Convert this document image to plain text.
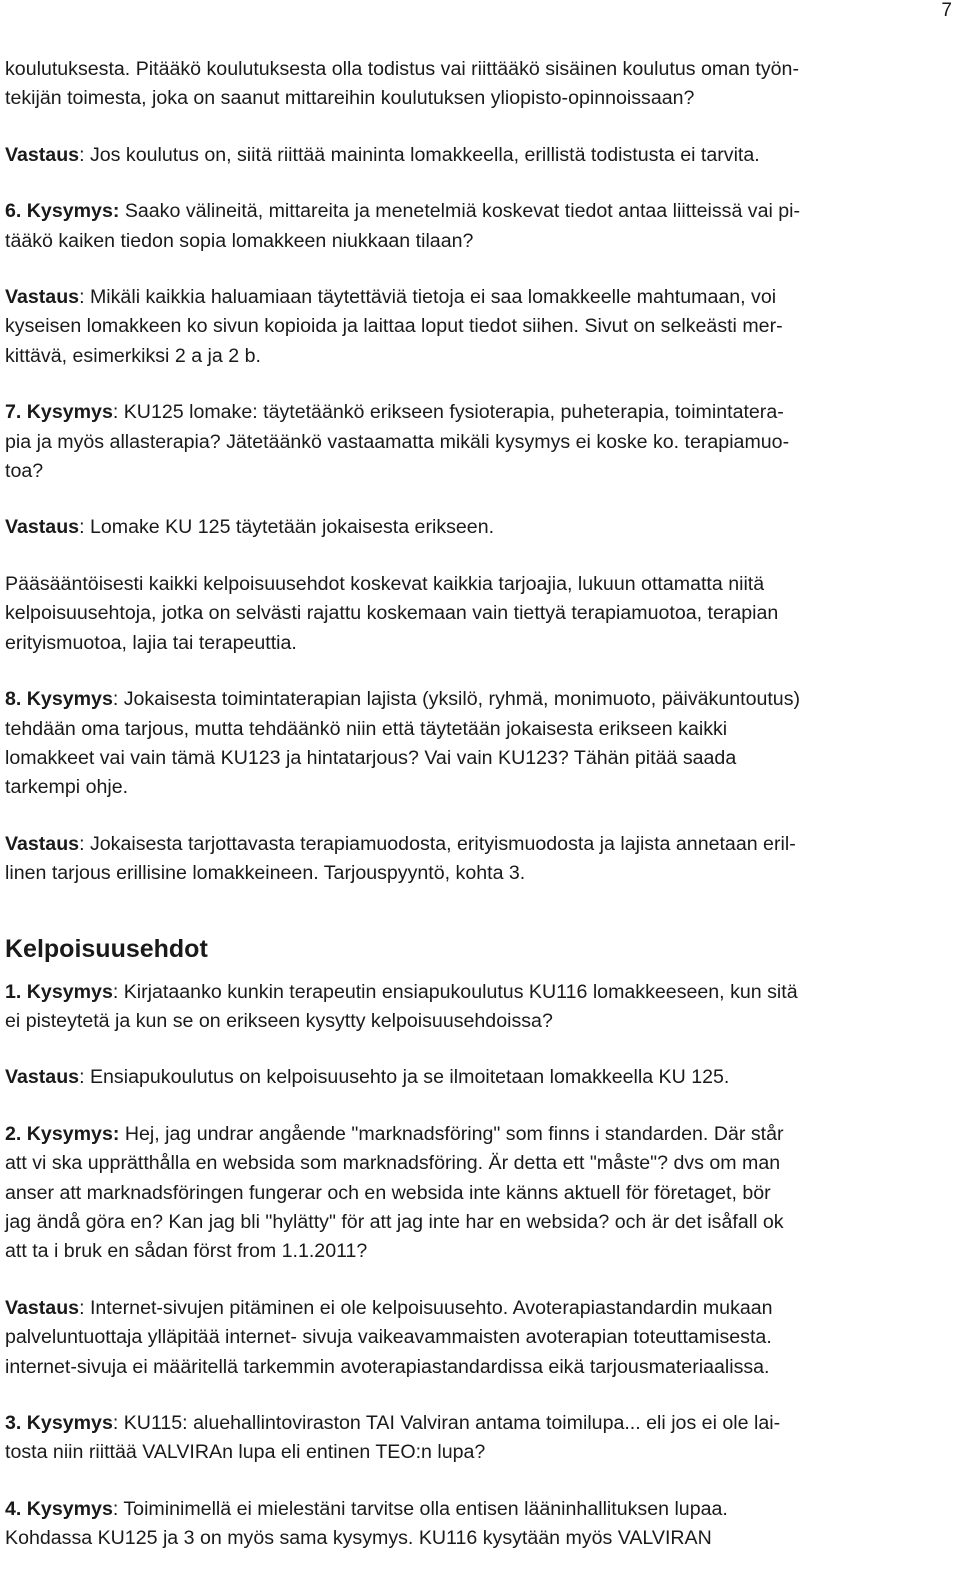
7

koulutuksesta. Pitääkö koulutuksesta olla todistus vai riittääkö sisäinen koulutus oman työn-
tekijän toimesta, joka on saanut mittareihin koulutuksen yliopisto-opinnoissaan?

Vastaus: Jos koulutus on, siitä riittää maininta lomakkeella, erillistä todistusta ei tarvita.

6. Kysymys: Saako välineitä, mittareita ja menetelmiä koskevat tiedot antaa liitteissä vai pi-
tääkö kaiken tiedon sopia lomakkeen niukkaan tilaan?

Vastaus: Mikäli kaikkia haluamiaan täytettäviä tietoja ei saa lomakkeelle mahtumaan, voi
kyseisen lomakkeen ko sivun kopioida ja laittaa loput tiedot siihen. Sivut on selkeästi mer-
kittävä, esimerkiksi 2 a ja 2 b.

7. Kysymys: KU125 lomake: täytetäänkö erikseen fysioterapia, puheterapia, toimintatera-
pia ja myös allasterapia? Jätetäänkö vastaamatta mikäli kysymys ei koske ko. terapiamuo-
toa?

Vastaus: Lomake KU 125 täytetään jokaisesta erikseen.

Pääsääntöisesti kaikki kelpoisuusehdot koskevat kaikkia tarjoajia, lukuun ottamatta niitä
kelpoisuusehtoja, jotka on selvästi rajattu koskemaan vain tiettyä terapiamuotoa, terapian
erityismuotoa, lajia tai terapeuttia.

8. Kysymys: Jokaisesta toimintaterapian lajista (yksilö, ryhmä, monimuoto, päiväkuntoutus)
tehdään oma tarjous, mutta tehdäänkö niin että täytetään jokaisesta erikseen kaikki
lomakkeet vai vain tämä KU123 ja hintatarjous? Vai vain KU123? Tähän pitää saada
tarkempi ohje.

Vastaus: Jokaisesta tarjottavasta terapiamuodosta, erityismuodosta ja lajista annetaan eril-
linen tarjous erillisine lomakkeineen. Tarjouspyyntö, kohta 3.

Kelpoisuusehdot

1. Kysymys: Kirjataanko kunkin terapeutin ensiapukoulutus KU116 lomakkeeseen, kun sitä
ei pisteytetä ja kun se on erikseen kysytty kelpoisuusehdoissa?

Vastaus: Ensiapukoulutus on kelpoisuusehto ja se ilmoitetaan lomakkeella KU 125.

2. Kysymys: Hej, jag undrar angående "marknadsföring" som finns i standarden. Där står
att vi ska upprätthålla en websida som marknadsföring. Är detta ett "måste"? dvs om man
anser att marknadsföringen fungerar och en websida inte känns aktuell för företaget, bör
jag ändå göra en? Kan jag bli "hylätty" för att jag inte har en websida? och är det isåfall ok
att ta i bruk en sådan först from 1.1.2011?

Vastaus: Internet-sivujen pitäminen ei ole kelpoisuusehto. Avoterapiastandardin mukaan
palveluntuottaja ylläpitää internet- sivuja vaikeavammaisten avoterapian toteuttamisesta.
internet-sivuja ei määritellä tarkemmin avoterapiastandardissa eikä tarjousmateriaalissa.

3. Kysymys: KU115: aluehallintoviraston TAI Valviran antama toimilupa... eli jos ei ole lai-
tosta niin riittää VALVIRAn lupa eli entinen TEO:n lupa?

4. Kysymys: Toiminimellä ei mielestäni tarvitse olla entisen lääninhallituksen lupaa.
Kohdassa KU125 ja 3 on myös sama kysymys. KU116 kysytään myös VALVIRAN
